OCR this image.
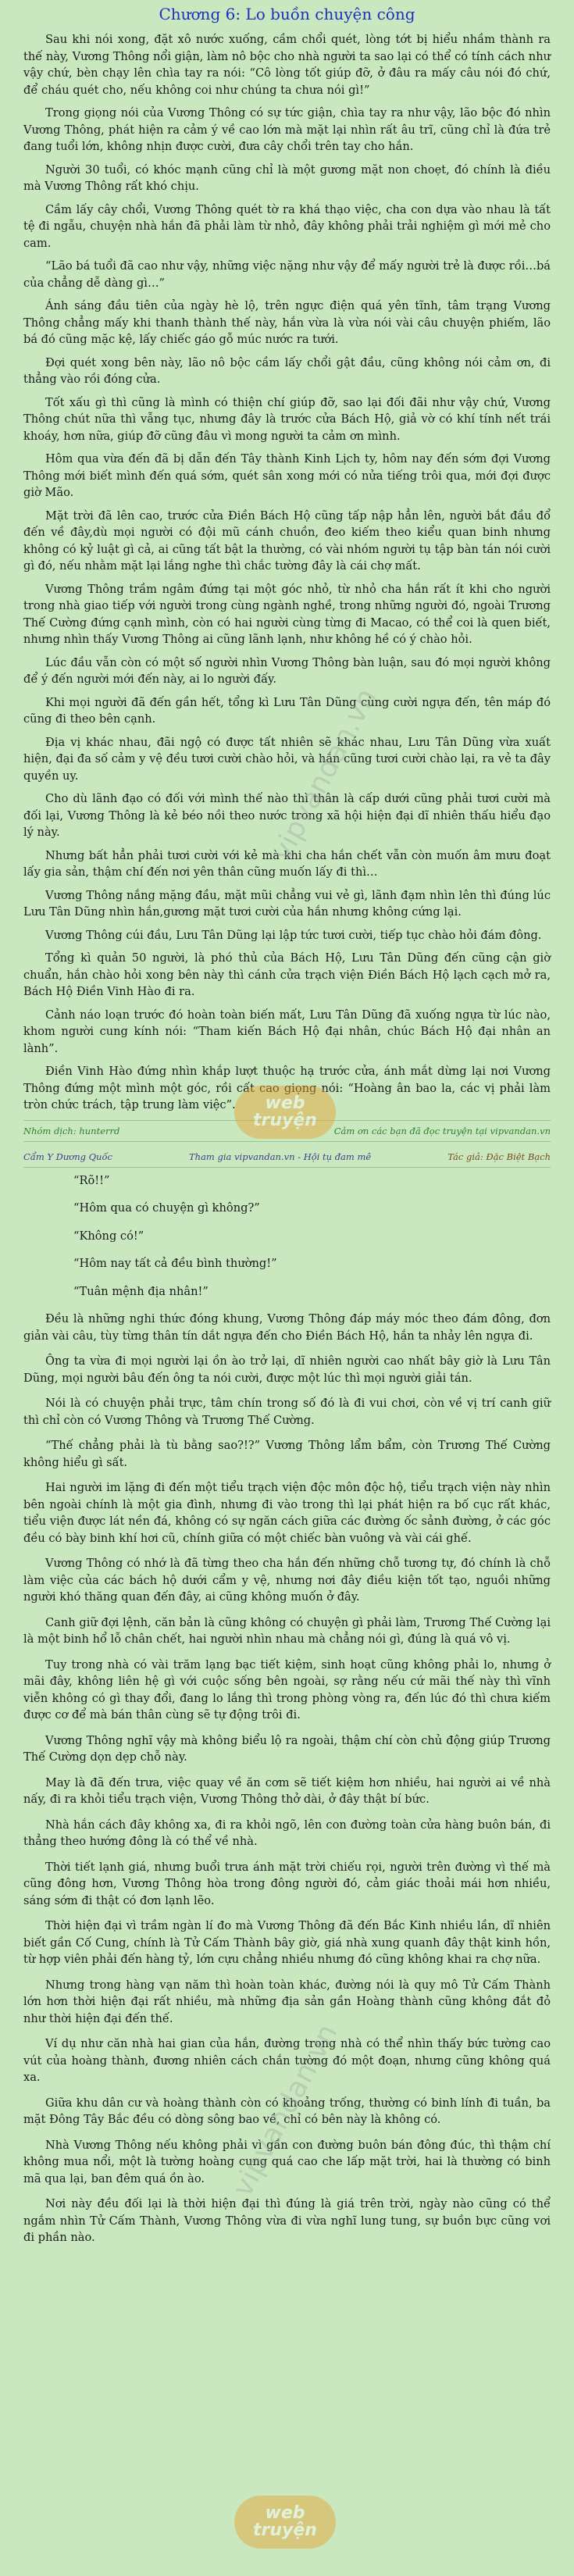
Chương 6: Lo buồn chuyện công

Sau khi nói xong, đặt xô nước xuống, cầm chổi quét, lòng tớt bị hiểu nhầm thành ra thế này, Vương Thông nổi giận, làm nô bộc cho nhà người ta sao lại có thể có tính cách như vậy chứ, bèn chạy lên chìa tay ra nói: “Cô lòng tốt giúp đỡ, ở đâu ra mấy câu nói đó chứ, để cháu quét cho, nếu không coi như chúng ta chưa nói gì!”

Trong giọng nói của Vương Thông có sự tức giận, chìa tay ra như vậy, lão bộc đó nhìn Vương Thông, phát hiện ra cảm ý về cao lớn mà mặt lại nhìn rất âu trĩ, cũng chỉ là đứa trẻ đang tuổi lớn, không nhịn được cười, đưa cây chổi trên tay cho hắn.

Người 30 tuổi, có khóc mạnh cũng chỉ là một gương mặt non choẹt, đó chính là điều mà Vương Thông rất khó chịu.

Cầm lấy cây chổi, Vương Thông quét tờ ra khá thạo việc, cha con dựa vào nhau là tất tệ đi ngẫu, chuyện nhà hắn đã phải làm từ nhỏ, đây không phải trải nghiệm gì mới mẻ cho cam.

“Lão bá tuổi đã cao như vậy, những việc nặng như vậy để mấy người trẻ là được rồi…bá của chẳng dễ dàng gì…”

Ánh sáng đầu tiên của ngày hè lộ, trên ngực điện quá yên tĩnh, tâm trạng Vương Thông chẳng mấy khi thanh thành thế này, hắn vừa là vừa nói vài câu chuyện phiếm, lão bá đó cũng mặc kệ, lấy chiếc gáo gỗ múc nước ra tưới.

Đợi quét xong bên này, lão nô bộc cầm lấy chổi gật đầu, cũng không nói cảm ơn, đi thẳng vào rồi đóng cửa.

Tốt xấu gì thì cũng là mình có thiện chí giúp đỡ, sao lại đối đãi như vậy chứ, Vương Thông chút nữa thì vẫng tục, nhưng đây là trước cửa Bách Hộ, giả vờ có khí tính nết trái khoáy, hơn nữa, giúp đỡ cũng đâu vì mong người ta cảm ơn mình.

Hôm qua vừa đến đã bị dẫn đến Tây thành Kinh Lịch ty, hôm nay đến sớm đợi Vương Thông mới biết mình đến quá sớm, quét sân xong mới có nửa tiếng trôi qua, mới đợi được giờ Mão.

Mặt trời đã lên cao, trước cửa Điền Bách Hộ cũng tấp nập hẳn lên, người bắt đầu đổ đến về đây,dù mọi người có đội mũ cánh chuồn, đeo kiếm theo kiểu quan binh nhưng không có kỷ luật gì cả, ai cũng tất bật la thường, có vài nhóm người tụ tập bàn tán nói cười gì đó, nếu nhằm mặt lại lắng nghe thì chắc tường đây là cái chợ mất.

Vương Thông trầm ngâm đứng tại một góc nhỏ, từ nhỏ cha hắn rất ít khi cho người trong nhà giao tiếp với người trong cùng ngành nghề, trong những người đó, ngoài Trương Thế Cường đứng cạnh mình, còn có hai người cùng từng đi Macao, có thể coi là quen biết, nhưng nhìn thấy Vương Thông ai cũng lãnh lạnh, như không hề có ý chào hỏi.

Lúc đầu vẫn còn có một số người nhìn Vương Thông bàn luận, sau đó mọi người không để ý đến người mới đến này, ai lo người đấy.

Khi mọi người đã đến gần hết, tổng kì Lưu Tân Dũng cùng cười ngựa đến, tên máp đó cũng đi theo bên cạnh.

Địa vị khác nhau, đãi ngộ có được tất nhiên sẽ khác nhau, Lưu Tân Dũng vừa xuất hiện, đại đa số cảm y vệ đều tươi cười chào hỏi, và hắn cũng tươi cười chào lại, ra vẻ ta đây quyền uy.

Cho dù lãnh đạo có đối với mình thế nào thì thân là cấp dưới cũng phải tươi cười mà đối lại, Vương Thông là kẻ béo nồi theo nước trong xã hội hiện đại dĩ nhiên thấu hiểu đạo lý này.

Nhưng bất hẳn phải tươi cười với kẻ mà khi cha hắn chết vẫn còn muốn âm mưu đoạt lấy gia sản, thậm chí đến nơi yên thân cũng muốn lấy đi thì…

Vương Thông nắng mặng đầu, mặt mũi chẳng vui vẻ gì, lãnh đạm nhìn lên thì đúng lúc Lưu Tân Dũng nhìn hắn,gương mặt tươi cười của hắn nhưng không cứng lại.

Vương Thông cúi đầu, Lưu Tân Dũng lại lập tức tươi cười, tiếp tục chào hỏi đám đông.

Tổng kì quản 50 người, là phó thủ của Bách Hộ, Lưu Tân Dũng đến cũng cận giờ chuẩn, hắn chào hỏi xong bên này thì cánh cửa trạch viện Điền Bách Hộ lạch cạch mở ra, Bách Hộ Điền Vinh Hào đi ra.

Cảnh náo loạn trước đó hoàn toàn biến mất, Lưu Tân Dũng đã xuống ngựa từ lúc nào, khom người cung kính nói: “Tham kiến Bách Hộ đại nhân, chúc Bách Hộ đại nhân an lành”.

Điền Vinh Hào đứng nhìn khắp lượt thuộc hạ trước cửa, ánh mắt dừng lại nơi Vương Thông đứng một mình một góc, rồi cất cao giọng nói: “Hoàng ân bao la, các vị phải làm tròn chức trách, tập trung làm việc”.

Nhóm dịch: hunterrd	Cảm ơn các bạn đã đọc truyện tại vipvandan.vn
Cẩm Y Dương Quốc	Tham gia vipvandan.vn - Hội tụ đam mê	Tác giả: Đặc Biệt Bạch

“Rõ!!”

“Hôm qua có chuyện gì không?”

“Không có!”

“Hôm nay tất cả đều bình thường!”

“Tuân mệnh địa nhân!”

Đều là những nghi thức đóng khung, Vương Thông đáp máy móc theo đám đông, đơn giản vài câu, tùy từng thân tín dắt ngựa đến cho Điền Bách Hộ, hắn ta nhảy lên ngựa đi.

Ông ta vừa đi mọi người lại ồn ào trở lại, dĩ nhiên người cao nhất bây giờ là Lưu Tân Dũng, mọi người bâu đến ông ta nói cười, được một lúc thì mọi người giải tán.

Nói là có chuyện phải trực, tâm chín trong số đó là đi vui chơi, còn về vị trí canh giữ thì chỉ còn có Vương Thông và Trương Thế Cường.

“Thế chẳng phải là tù bằng sao?!?” Vương Thông lẩm bẩm, còn Trương Thế Cường không hiểu gì sất.

Hai người im lặng đi đến một tiểu trạch viện độc môn độc hộ, tiểu trạch viện này nhìn bên ngoài chính là một gia đình, nhưng đi vào trong thì lại phát hiện ra bố cục rất khác, tiểu viện được lát nền đá, không có sự ngăn cách giữa các đường ốc sảnh đường, ở các góc đều có bày binh khí hơi cũ, chính giữa có một chiếc bàn vuông và vài cái ghế.

Vương Thông có nhớ là đã từng theo cha hắn đến những chỗ tương tự, đó chính là chỗ làm việc của các bách hộ dưới cẩm y vệ, nhưng nơi đây điều kiện tốt tạo, nguồi những người khó thăng quan đến đây, ai cũng không muốn ở đây.

Canh giữ đợi lệnh, căn bản là cũng không có chuyện gì phải làm, Trương Thế Cường lại là một binh hổ lỗ chân chết, hai người nhìn nhau mà chẳng nói gì, đúng là quá vô vị.

Tuy trong nhà có vài trăm lạng bạc tiết kiệm, sinh hoạt cũng không phải lo, nhưng ở mãi đây, không liên hệ gì với cuộc sống bên ngoài, sợ rằng nếu cứ mãi thế này thì vĩnh viễn không có gì thay đổi, đang lo lắng thì trong phòng vòng ra, đến lúc đó thì chưa kiếm được cơ để mà bán thân cùng sẽ tự động trôi đi.

Vương Thông nghĩ vậy mà không biểu lộ ra ngoài, thậm chí còn chủ động giúp Trương Thế Cường dọn dẹp chỗ này.

May là đã đến trưa, việc quay về ăn cơm sẽ tiết kiệm hơn nhiều, hai người ai về nhà nấy, đi ra khỏi tiểu trạch viện, Vương Thông thở dài, ở đây thật bí bức.

Nhà hắn cách đây không xa, đi ra khỏi ngõ, lên con đường toàn cửa hàng buôn bán, đi thẳng theo hướng đông là có thể về nhà.

Thời tiết lạnh giá, nhưng buổi trưa ánh mặt trời chiếu rọi, người trên đường vì thế mà cũng đông hơn, Vương Thông hòa trong đông người đó, cảm giác thoải mái hơn nhiều, sáng sớm đi thật có đơn lạnh lẽo.

Thời hiện đại vì trầm ngàn lí đo mà Vương Thông đã đến Bắc Kinh nhiều lần, dĩ nhiên biết gần Cố Cung, chính là Tử Cấm Thành bây giờ, giá nhà xung quanh đây thật kinh hồn, từ hợp viên phải đến hàng tỷ, lớn cựu chẳng nhiều nhưng đó cũng không khai ra chợ nữa.

Nhưng trong hàng vạn năm thì hoàn toàn khác, đường nói là quy mô Tử Cấm Thành lớn hơn thời hiện đại rất nhiều, mà những địa sản gần Hoàng thành cũng không đắt đỏ như thời hiện đại đến thế.

Ví dụ như căn nhà hai gian của hắn, đường trong nhà có thể nhìn thấy bức tường cao vút của hoàng thành, đương nhiên cách chắn tường đó một đoạn, nhưng cũng không quá xa.

Giữa khu dân cư và hoàng thành còn có khoảng trống, thường có binh lính đi tuần, ba mặt Đông Tây Bắc đều có dòng sông bao về, chỉ có bên này là không có.

Nhà Vương Thông nếu không phải vì gần con đường buôn bán đông đúc, thì thậm chí không mua nổi, một là tường hoàng cung quá cao che lấp mặt trời, hai là thường có binh mã qua lại, ban đêm quá ồn ào.

Nơi này đều đối lại là thời hiện đại thì đúng là giá trên trời, ngày nào cũng có thể ngắm nhìn Tử Cấm Thành, Vương Thông vừa đi vừa nghĩ lung tung, sự buồn bực cũng vơi đi phần nào.

vipvandan.vn
vipvandan.vn
web
truyện
web
truyện
